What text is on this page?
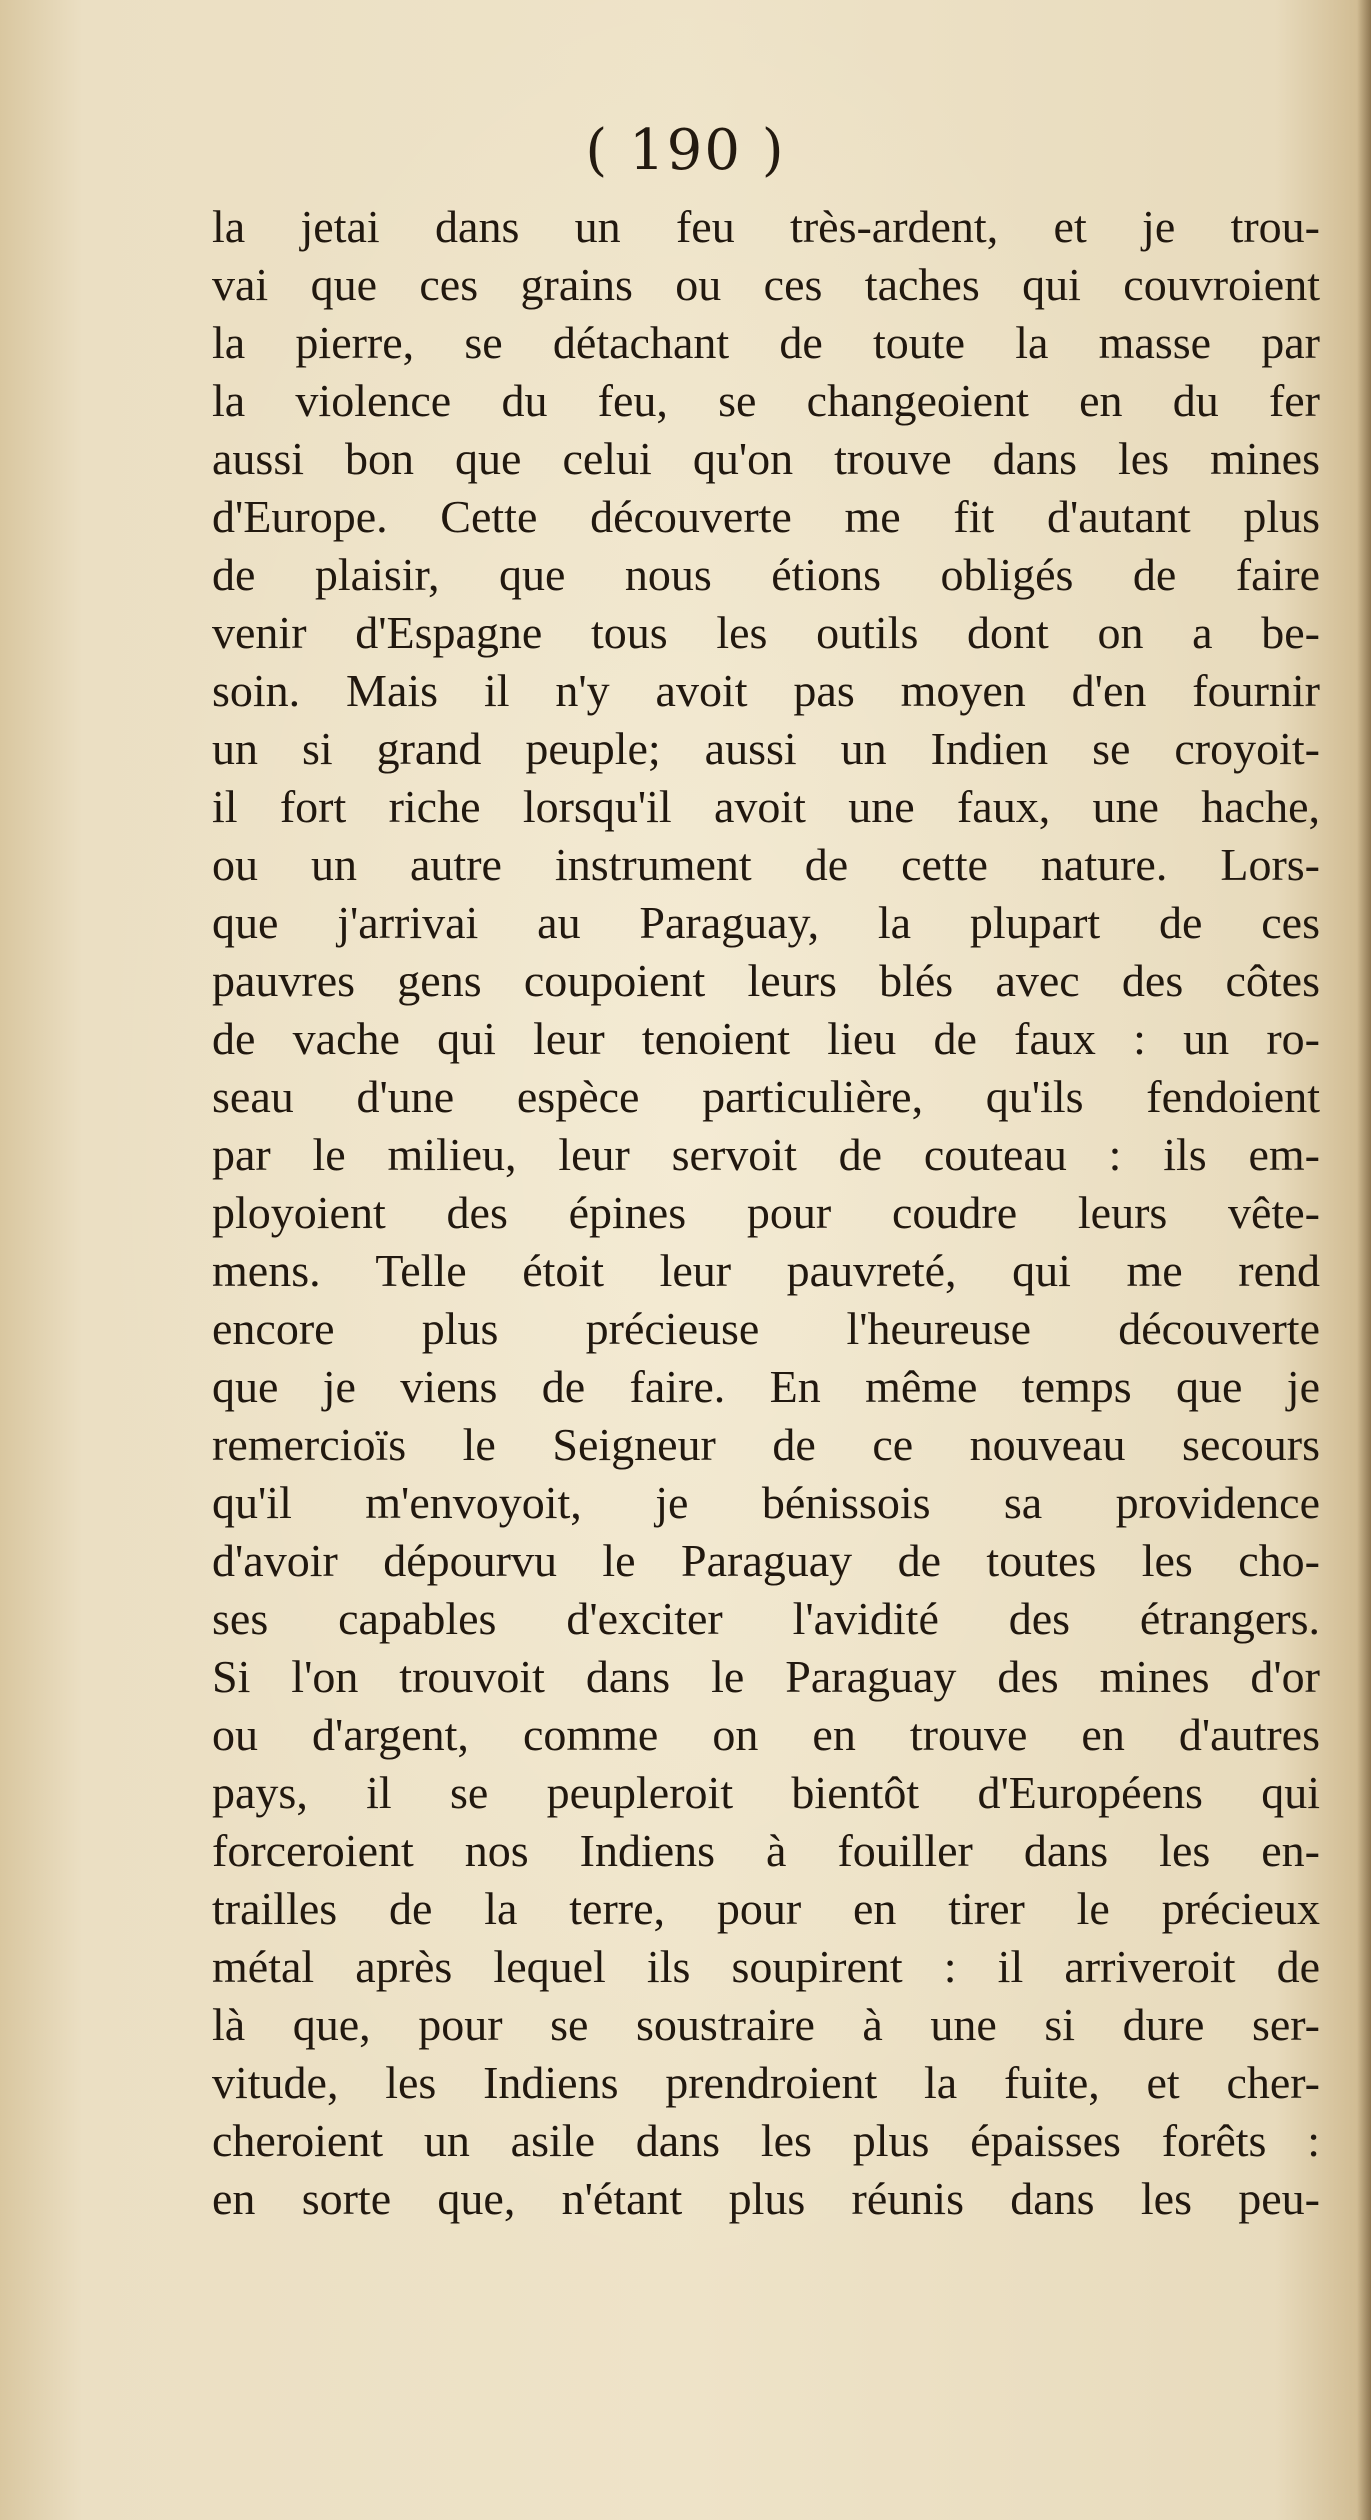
( 190 )
la jetai dans un feu très-ardent, et je trou-
vai que ces grains ou ces taches qui couvroient
la pierre, se détachant de toute la masse par
la violence du feu, se changeoient en du fer
aussi bon que celui qu'on trouve dans les mines
d'Europe. Cette découverte me fit d'autant plus
de plaisir, que nous étions obligés de faire
venir d'Espagne tous les outils dont on a be-
soin. Mais il n'y avoit pas moyen d'en fournir
un si grand peuple; aussi un Indien se croyoit-
il fort riche lorsqu'il avoit une faux, une hache,
ou un autre instrument de cette nature. Lors-
que j'arrivai au Paraguay, la plupart de ces
pauvres gens coupoient leurs blés avec des côtes
de vache qui leur tenoient lieu de faux : un ro-
seau d'une espèce particulière, qu'ils fendoient
par le milieu, leur servoit de couteau : ils em-
ployoient des épines pour coudre leurs vête-
mens. Telle étoit leur pauvreté, qui me rend
encore plus précieuse l'heureuse découverte
que je viens de faire. En même temps que je
remercioïs le Seigneur de ce nouveau secours
qu'il m'envoyoit, je bénissois sa providence
d'avoir dépourvu le Paraguay de toutes les cho-
ses capables d'exciter l'avidité des étrangers.
Si l'on trouvoit dans le Paraguay des mines d'or
ou d'argent, comme on en trouve en d'autres
pays, il se peupleroit bientôt d'Européens qui
forceroient nos Indiens à fouiller dans les en-
trailles de la terre, pour en tirer le précieux
métal après lequel ils soupirent : il arriveroit de
là que, pour se soustraire à une si dure ser-
vitude, les Indiens prendroient la fuite, et cher-
cheroient un asile dans les plus épaisses forêts :
en sorte que, n'étant plus réunis dans les peu-
